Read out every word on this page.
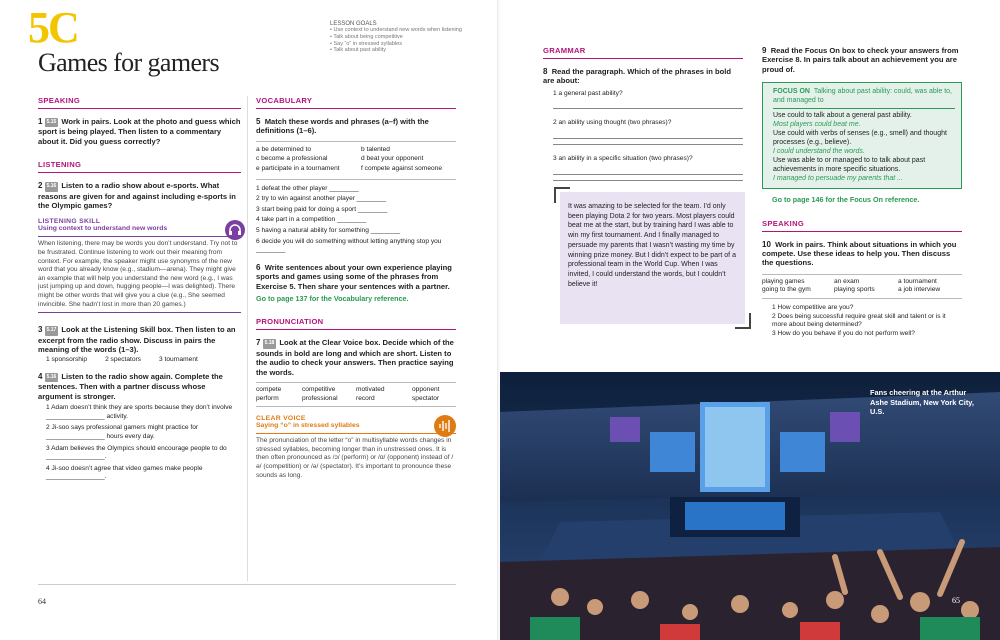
5C
Games for gamers
LESSON GOALS
• Use context to understand new words when listening
• Talk about being competitive
• Say “o” in stressed syllables
• Talk about past ability
SPEAKING
1 5.15 Work in pairs. Look at the photo and guess which sport is being played. Then listen to a commentary about it. Did you guess correctly?
LISTENING
2 5.16 Listen to a radio show about e-sports. What reasons are given for and against including e-sports in the Olympic games?
LISTENING SKILL
Using context to understand new words
When listening, there may be words you don’t understand. Try not to be frustrated. Continue listening to work out their meaning from context. For example, the speaker might use synonyms of the new word that you already know (e.g., stadium—arena). They might give an example that will help you understand the new word (e.g., I was just jumping up and down, hugging people—I was delighted). There might be other words that will give you a clue (e.g., She seemed invincible. She hadn’t lost in more than 20 games.)
3 5.17 Look at the Listening Skill box. Then listen to an excerpt from the radio show. Discuss in pairs the meaning of the words (1–3).
1 sponsorship	2 spectators	3 tournament
4 5.16 Listen to the radio show again. Complete the sentences. Then with a partner discuss whose argument is stronger.
1 Adam doesn’t think they are sports because they don’t involve ________________ activity.
2 Ji-soo says professional gamers might practice for ________________ hours every day.
3 Adam believes the Olympics should encourage people to do ________________.
4 Ji-soo doesn’t agree that video games make people ________________.
VOCABULARY
5 Match these words and phrases (a–f) with the definitions (1–6).
a be determined to	b talented
c become a professional	d beat your opponent
e participate in a tournament	f compete against someone
1 defeat the other player ________
2 try to win against another player ________
3 start being paid for doing a sport ________
4 take part in a competition ________
5 having a natural ability for something ________
6 decide you will do something without letting anything stop you ________
6 Write sentences about your own experience playing sports and games using some of the phrases from Exercise 5. Then share your sentences with a partner.
Go to page 137 for the Vocabulary reference.
PRONUNCIATION
7 5.18 Look at the Clear Voice box. Decide which of the sounds in bold are long and which are short. Listen to the audio to check your answers. Then practice saying the words.
compete	competitive	motivated	opponent
perform	professional	record	spectator
CLEAR VOICE
Saying “o” in stressed syllables
The pronunciation of the letter “o” in multisyllable words changes in stressed syllables, becoming longer than in unstressed ones. It is then often pronounced as /ɔ/ (perform) or /ɑ/ (opponent) instead of /ə/ (competition) or /ə/ (spectator). It’s important to pronounce these sounds as long.
64
GRAMMAR
8 Read the paragraph. Which of the phrases in bold are about:
1 a general past ability?
2 an ability using thought (two phrases)?
3 an ability in a specific situation (two phrases)?
It was amazing to be selected for the team. I’d only been playing Dota 2 for two years. Most players could beat me at the start, but by training hard I was able to win my first tournament. And I finally managed to persuade my parents that I wasn’t wasting my time by winning prize money. But I didn’t expect to be part of a professional team in the World Cup. When I was invited, I could understand the words, but I couldn’t believe it!
9 Read the Focus On box to check your answers from Exercise 8. In pairs talk about an achievement you are proud of.
FOCUS ON Talking about past ability: could, was able to, and managed to
Use could to talk about a general past ability.
Most players could beat me.
Use could with verbs of senses (e.g., smell) and thought processes (e.g., believe).
I could understand the words.
Use was able to or managed to to talk about past achievements in more specific situations.
I managed to persuade my parents that ...
Go to page 146 for the Focus On reference.
SPEAKING
10 Work in pairs. Think about situations in which you compete. Use these ideas to help you. Then discuss the questions.
playing games	an exam	a tournament
going to the gym	playing sports	a job interview
1 How competitive are you?
2 Does being successful require great skill and talent or is it more about being determined?
3 How do you behave if you do not perform well?
Fans cheering at the Arthur Ashe Stadium, New York City, U.S.
65
